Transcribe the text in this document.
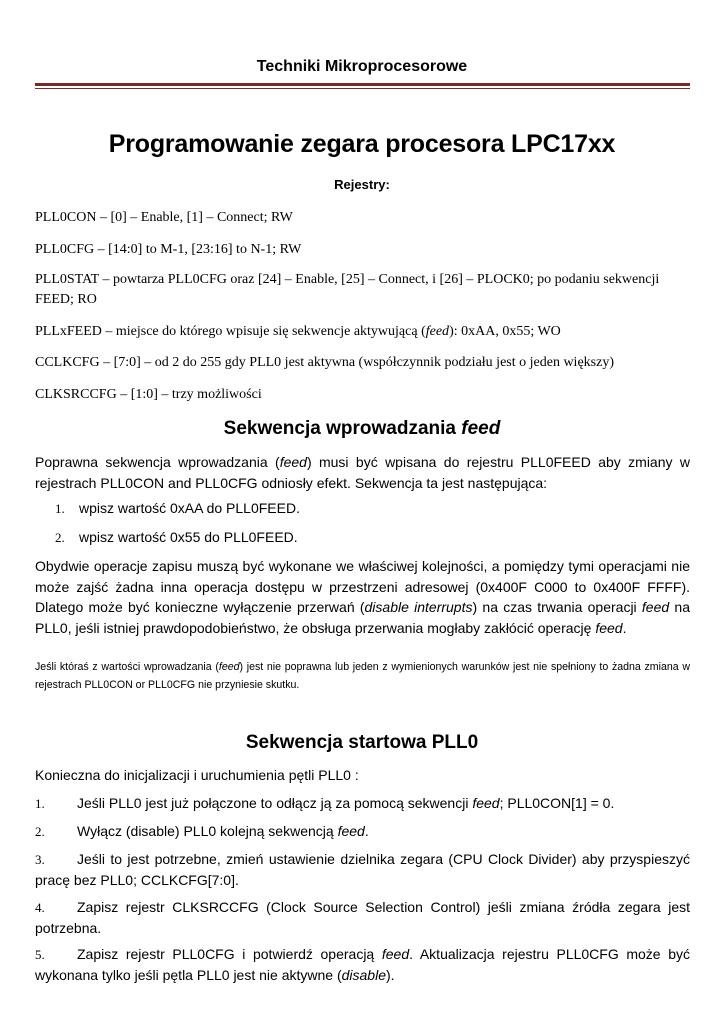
Techniki Mikroprocesorowe
Programowanie zegara procesora LPC17xx
Rejestry:
PLL0CON – [0] – Enable, [1] – Connect; RW
PLL0CFG – [14:0] to M-1, [23:16] to N-1; RW
PLL0STAT – powtarza PLL0CFG oraz [24] – Enable, [25] – Connect, i [26] – PLOCK0; po podaniu sekwencji
FEED; RO
PLLxFEED – miejsce do którego wpisuje się sekwencje aktywującą (feed): 0xAA, 0x55; WO
CCLKCFG – [7:0] – od 2 do 255 gdy PLL0 jest aktywna (współczynnik podziału jest o jeden większy)
CLKSRCCFG – [1:0] – trzy możliwości
Sekwencja wprowadzania feed
Poprawna sekwencja wprowadzania (feed) musi być wpisana do rejestru PLL0FEED aby zmiany w rejestrach PLL0CON and PLL0CFG odniosły efekt. Sekwencja ta jest następująca:
1. wpisz wartość 0xAA do PLL0FEED.
2. wpisz wartość 0x55 do PLL0FEED.
Obydwie operacje zapisu muszą być wykonane we właściwej kolejności, a pomiędzy tymi operacjami nie może zajść żadna inna operacja dostępu w przestrzeni adresowej (0x400F C000 to 0x400F FFFF). Dlatego może być konieczne wyłączenie przerwań (disable interrupts) na czas trwania operacji feed na PLL0, jeśli istniej prawdopodobieństwo, że obsługa przerwania mogłaby zakłócić operację feed.
Jeśli któraś z wartości wprowadzania (feed) jest nie poprawna lub jeden z wymienionych warunków jest nie spełniony to żadna zmiana w rejestrach PLL0CON or PLL0CFG nie przyniesie skutku.
Sekwencja startowa PLL0
Konieczna do inicjalizacji i uruchumienia pętli PLL0 :
1. Jeśli PLL0 jest już połączone to odłącz ją za pomocą sekwencji feed; PLL0CON[1] = 0.
2. Wyłącz (disable) PLL0 kolejną sekwencją feed.
3. Jeśli to jest potrzebne, zmień ustawienie dzielnika zegara (CPU Clock Divider) aby przyspieszyć pracę bez PLL0; CCLKCFG[7:0].
4. Zapisz rejestr CLKSRCCFG (Clock Source Selection Control) jeśli zmiana źródła zegara jest potrzebna.
5. Zapisz rejestr PLL0CFG i potwierdź operacją feed. Aktualizacja rejestru PLL0CFG może być wykonana tylko jeśli pętla PLL0 jest nie aktywne (disable).
